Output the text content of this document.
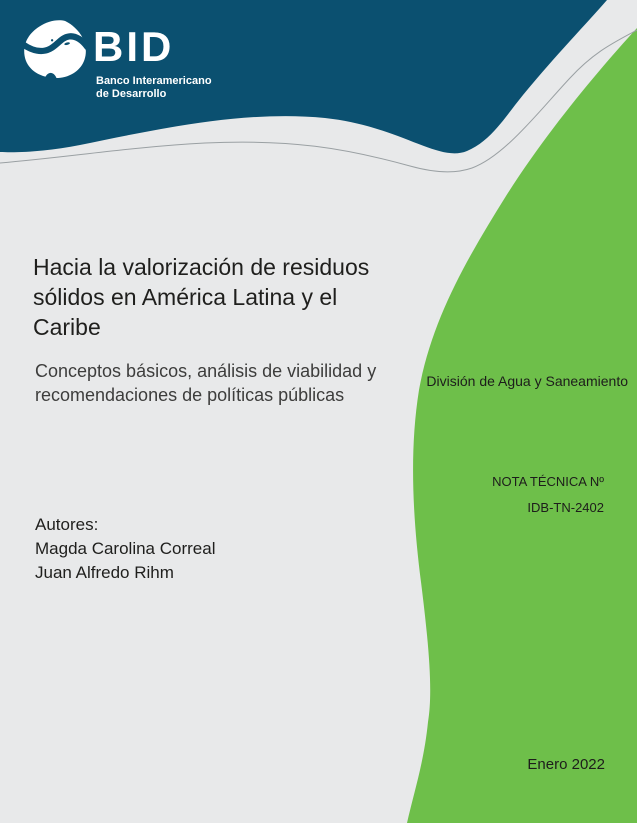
BID
Banco Interamericano
de Desarrollo
Hacia la valorización de residuos
sólidos en América Latina y el
Caribe
Conceptos básicos, análisis de viabilidad y
recomendaciones de políticas públicas
Autores:
Magda Carolina Correal
Juan Alfredo Rihm
División de Agua y Saneamiento
NOTA TÉCNICA Nº
IDB-TN-2402
Enero 2022
